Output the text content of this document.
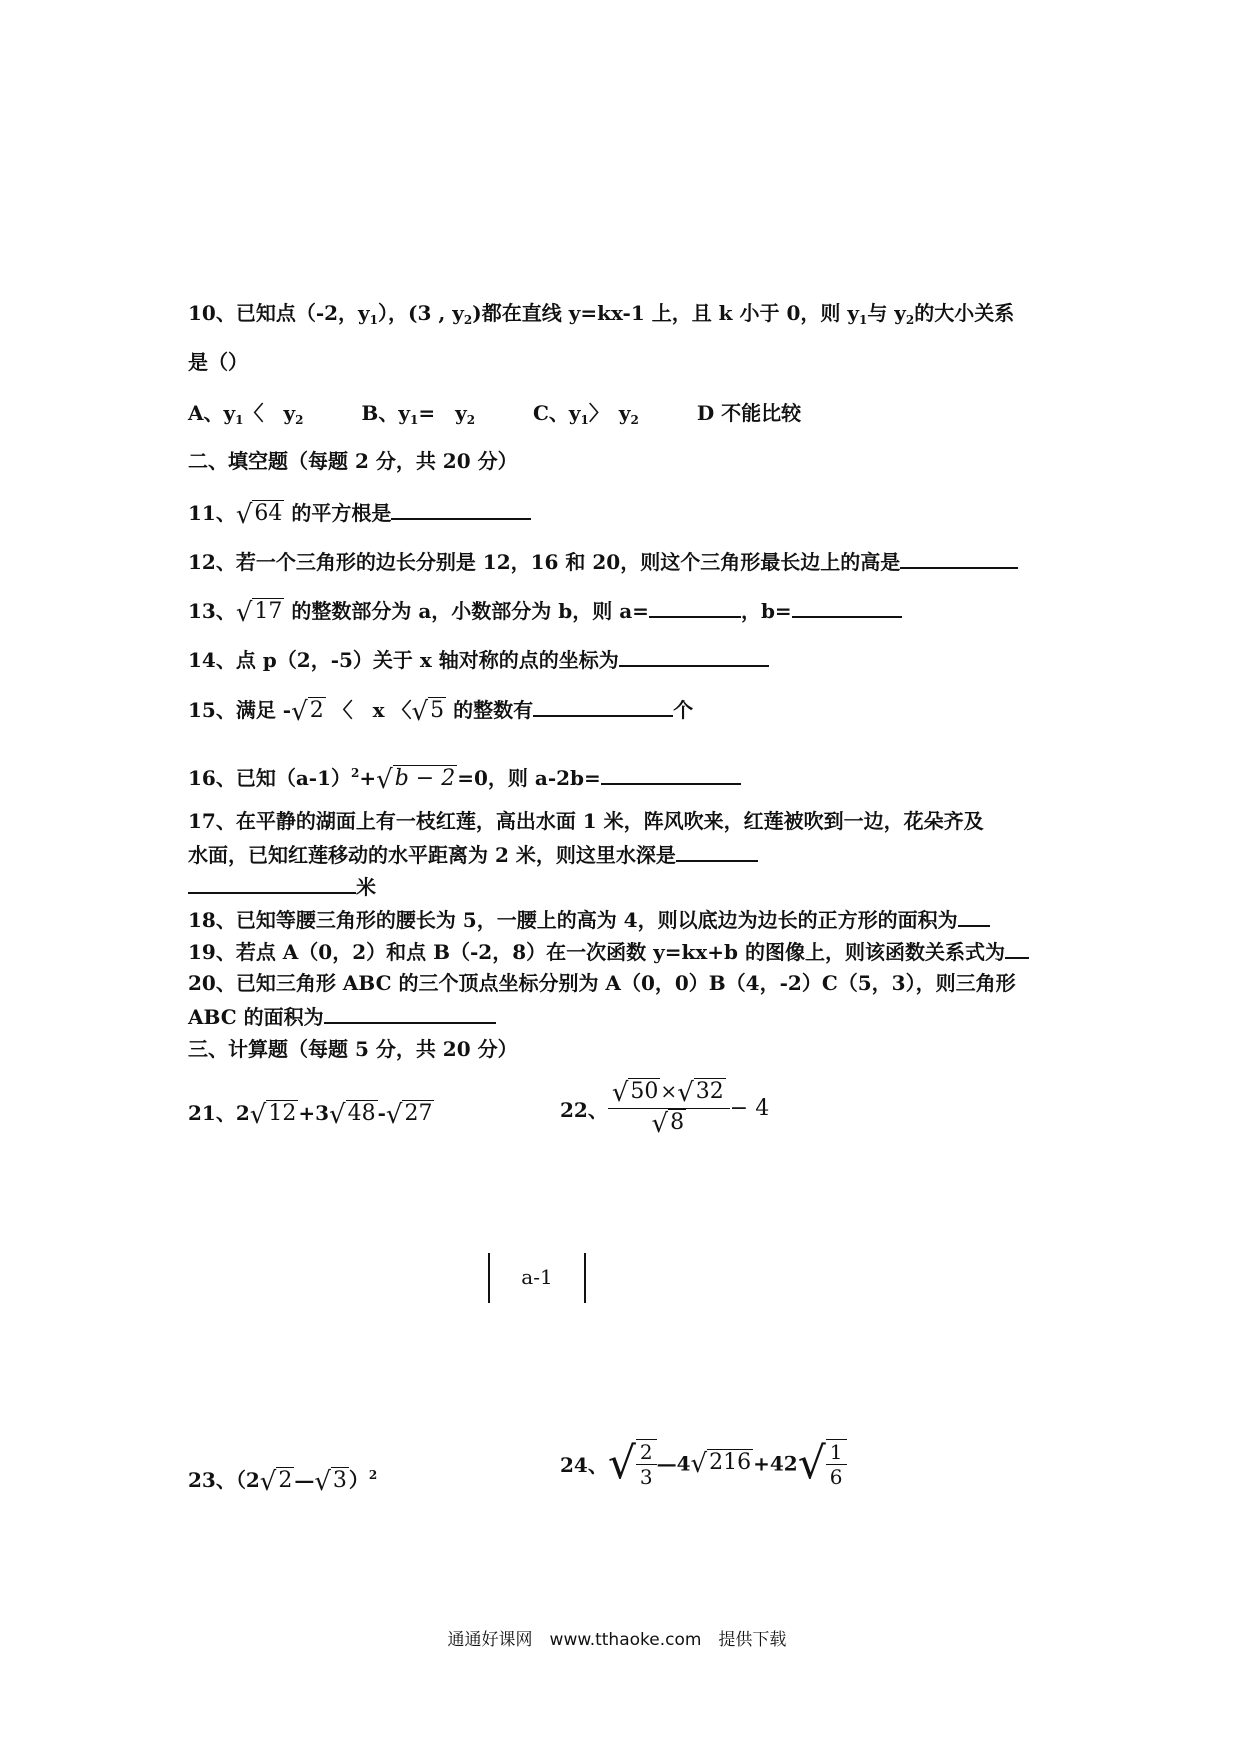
10、已知点（-2，$y_1$），(3 , $y_2$)都在直线 y=kx-1 上，且 k 小于 0，则 $y_1$与 $y_2$的大小关系
是（）
A、$y_1$〈　$y_2$	B、$y_1=$　$y_2$	C、$y_1$〉　$y_2$	D 不能比较
二、填空题（每题 2 分，共 20 分）
11、√64 的平方根是
12、若一个三角形的边长分别是 12，16 和 20，则这个三角形最长边上的高是
13、√17 的整数部分为 a，小数部分为 b，则 a=	，b=
14、点 p（2，-5）关于 x 轴对称的点的坐标为
15、满足 -√2 〈　x 〈√5 的整数有	个
16、已知$(a-1)^2+√b - 2 =0$，则 a-2b=
17、在平静的湖面上有一枝红莲，高出水面 1 米，阵风吹来，红莲被吹到一边，花朵齐及
水面，已知红莲移动的水平距离为 2 米，则这里水深是
米
18、已知等腰三角形的腰长为 5，一腰上的高为 4，则以底边为边长的正方形的面积为
19、若点 A（0，2）和点 B（-2，8）在一次函数 y=kx+b 的图像上，则该函数关系式为
20、已知三角形 ABC 的三个顶点坐标分别为 A（0，0）B（4，-2）C（5，3），则三角形
ABC 的面积为
三、计算题（每题 5 分，共 20 分）
21、2√12 +3√48 -√27	22、 $\frac{√50 \times√32}{√8} - 4$
a-1
23、（2√2 —√3 ）$^2$	24、√ $\frac{2}{3}$ —4√216 $+42√ \frac{1}{6}$
通通好课网　www.tthaoke.com　提供下载
